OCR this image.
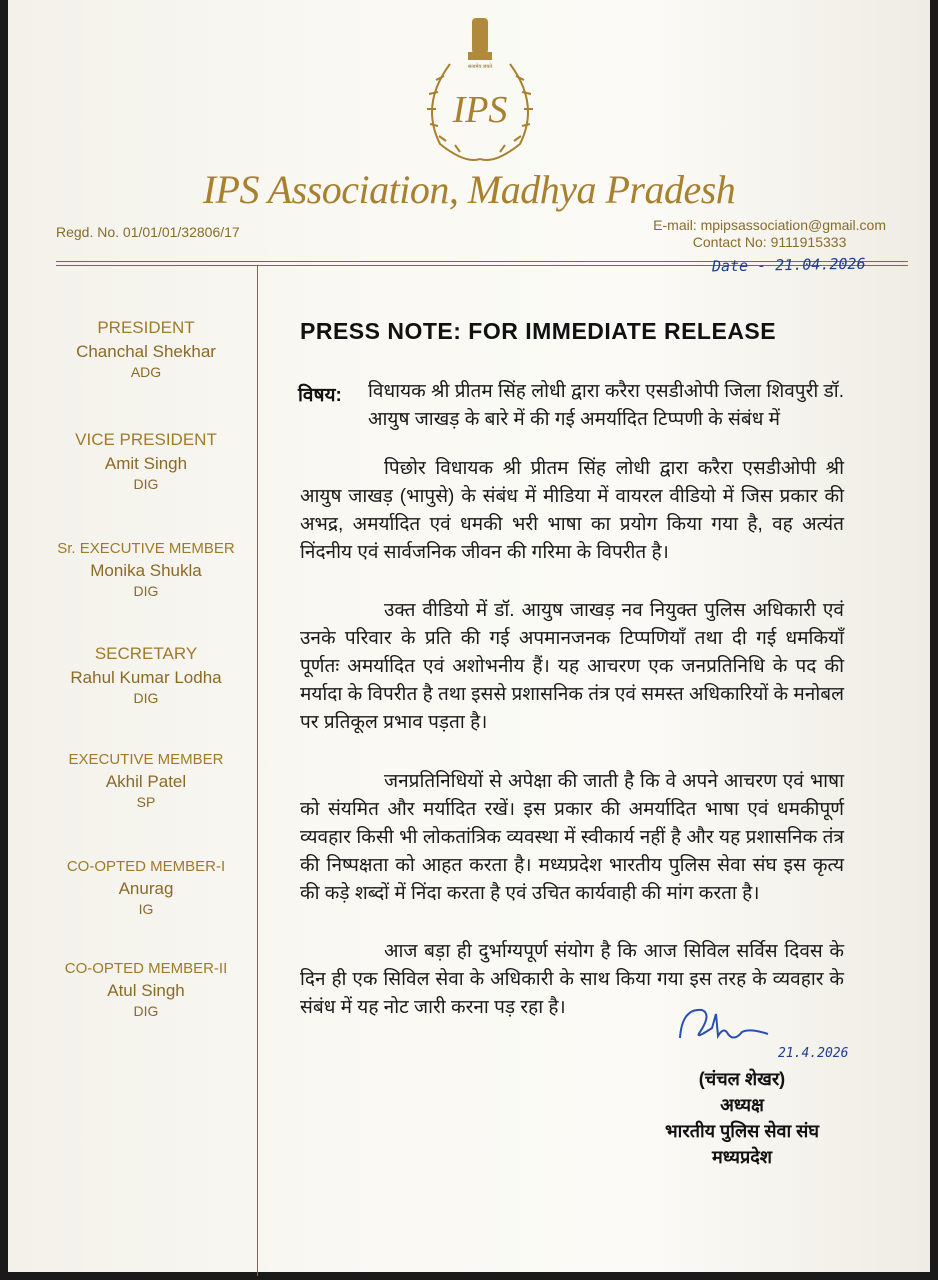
सत्यमेव जयते
IPS
IPS Association, Madhya Pradesh
Regd. No. 01/01/01/32806/17	E-mail: mpipsassociation@gmail.com
Contact No: 9111915333
Date - 21.04.2026
PRESIDENT
Chanchal Shekhar
ADG
VICE PRESIDENT
Amit Singh
DIG
Sr. EXECUTIVE MEMBER
Monika Shukla
DIG
SECRETARY
Rahul Kumar Lodha
DIG
EXECUTIVE MEMBER
Akhil Patel
SP
CO-OPTED MEMBER-I
Anurag
IG
CO-OPTED MEMBER-II
Atul Singh
DIG
PRESS NOTE: FOR IMMEDIATE RELEASE
विषय: विधायक श्री प्रीतम सिंह लोधी द्वारा करैरा एसडीओपी जिला शिवपुरी डॉ. आयुष जाखड़ के बारे में की गई अमर्यादित टिप्पणी के संबंध में
पिछोर विधायक श्री प्रीतम सिंह लोधी द्वारा करैरा एसडीओपी श्री आयुष जाखड़ (भापुसे) के संबंध में मीडिया में वायरल वीडियो में जिस प्रकार की अभद्र, अमर्यादित एवं धमकी भरी भाषा का प्रयोग किया गया है, वह अत्यंत निंदनीय एवं सार्वजनिक जीवन की गरिमा के विपरीत है।
उक्त वीडियो में डॉ. आयुष जाखड़ नव नियुक्त पुलिस अधिकारी एवं उनके परिवार के प्रति की गई अपमानजनक टिप्पणियाँ तथा दी गई धमकियाँ पूर्णतः अमर्यादित एवं अशोभनीय हैं। यह आचरण एक जनप्रतिनिधि के पद की मर्यादा के विपरीत है तथा इससे प्रशासनिक तंत्र एवं समस्त अधिकारियों के मनोबल पर प्रतिकूल प्रभाव पड़ता है।
जनप्रतिनिधियों से अपेक्षा की जाती है कि वे अपने आचरण एवं भाषा को संयमित और मर्यादित रखें। इस प्रकार की अमर्यादित भाषा एवं धमकीपूर्ण व्यवहार किसी भी लोकतांत्रिक व्यवस्था में स्वीकार्य नहीं है और यह प्रशासनिक तंत्र की निष्पक्षता को आहत करता है। मध्यप्रदेश भारतीय पुलिस सेवा संघ इस कृत्य की कड़े शब्दों में निंदा करता है एवं उचित कार्यवाही की मांग करता है।
आज बड़ा ही दुर्भाग्यपूर्ण संयोग है कि आज सिविल सर्विस दिवस के दिन ही एक सिविल सेवा के अधिकारी के साथ किया गया इस तरह के व्यवहार के संबंध में यह नोट जारी करना पड़ रहा है।
21.4.2026
(चंचल शेखर)
अध्यक्ष
भारतीय पुलिस सेवा संघ
मध्यप्रदेश
